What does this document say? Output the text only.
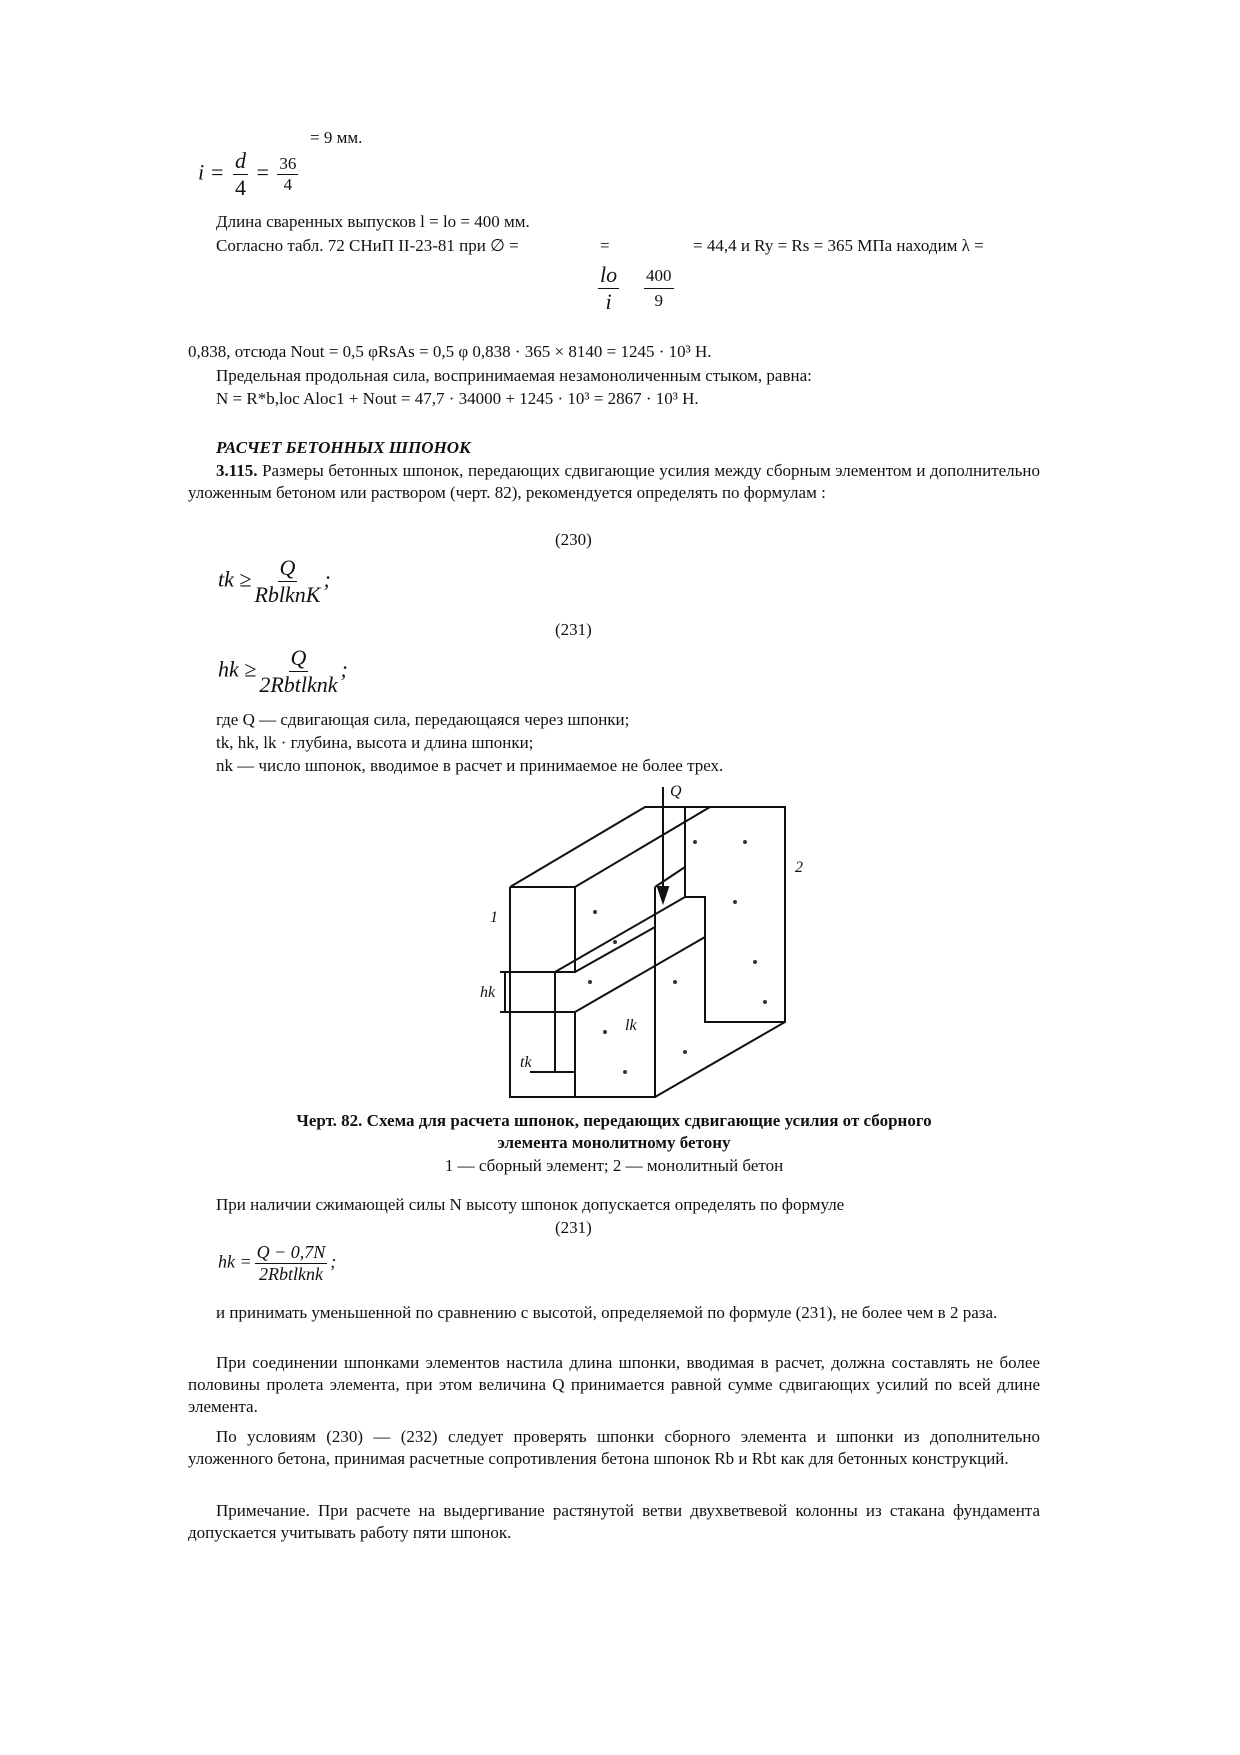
= 9 мм.
$i = \frac{d}{4} = \frac{36}{4}$
Длина сваренных выпусков l = lo = 400 мм.
Согласно табл. 72 СНиП II-23-81 при ∅ =	=	= 44,4 и Ry = Rs = 365 МПа находим λ =
$\frac{lo}{i} \frac{400}{9}$
0,838, отсюда Nout = 0,5 φRsAs = 0,5 φ 0,838 · 365 × 8140 = 1245 · 10³ Н.
Предельная продольная сила, воспринимаемая незамоноличенным стыком, равна:
N = R*b,loc Aloc1 + Nout = 47,7 · 34000 + 1245 · 10³ = 2867 · 10³ Н.
РАСЧЕТ БЕТОННЫХ ШПОНОК
3.115. Размеры бетонных шпонок, передающих сдвигающие усилия между сборным элементом и дополнительно уложенным бетоном или раствором (черт. 82), рекомендуется определять по формулам :
(230)
tk ≥ $\frac{Q}{\text{RblknK}}$ ;
(231)
hk ≥ $\frac{Q}{\text{2Rbtlknk}}$ ;
где Q — сдвигающая сила, передающаяся через шпонки;
tk, hk, lk · глубина, высота и длина шпонки;
nk — число шпонок, вводимое в расчет и принимаемое не более трех.
Q
1
2
hk
tk
lk
Черт. 82. Схема для расчета шпонок, передающих сдвигающие усилия от сборного
элемента монолитному бетону
1 — сборный элемент; 2 — монолитный бетон
При наличии сжимающей силы N высоту шпонок допускается определять по формуле
(231)
hk = $\frac{Q - 0,7N}{\text{2Rbtlknk}}$ ;
и принимать уменьшенной по сравнению с высотой, определяемой по формуле (231), не более чем в 2 раза.
При соединении шпонками элементов настила длина шпонки, вводимая в расчет, должна составлять не более половины пролета элемента, при этом величина Q принимается равной сумме сдвигающих усилий по всей длине элемента.
По условиям (230) — (232) следует проверять шпонки сборного элемента и шпонки из дополнительно уложенного бетона, принимая расчетные сопротивления бетона шпонок Rb и Rbt как для бетонных конструкций.
Примечание. При расчете на выдергивание растянутой ветви двухветвевой колонны из стакана фундамента допускается учитывать работу пяти шпонок.
